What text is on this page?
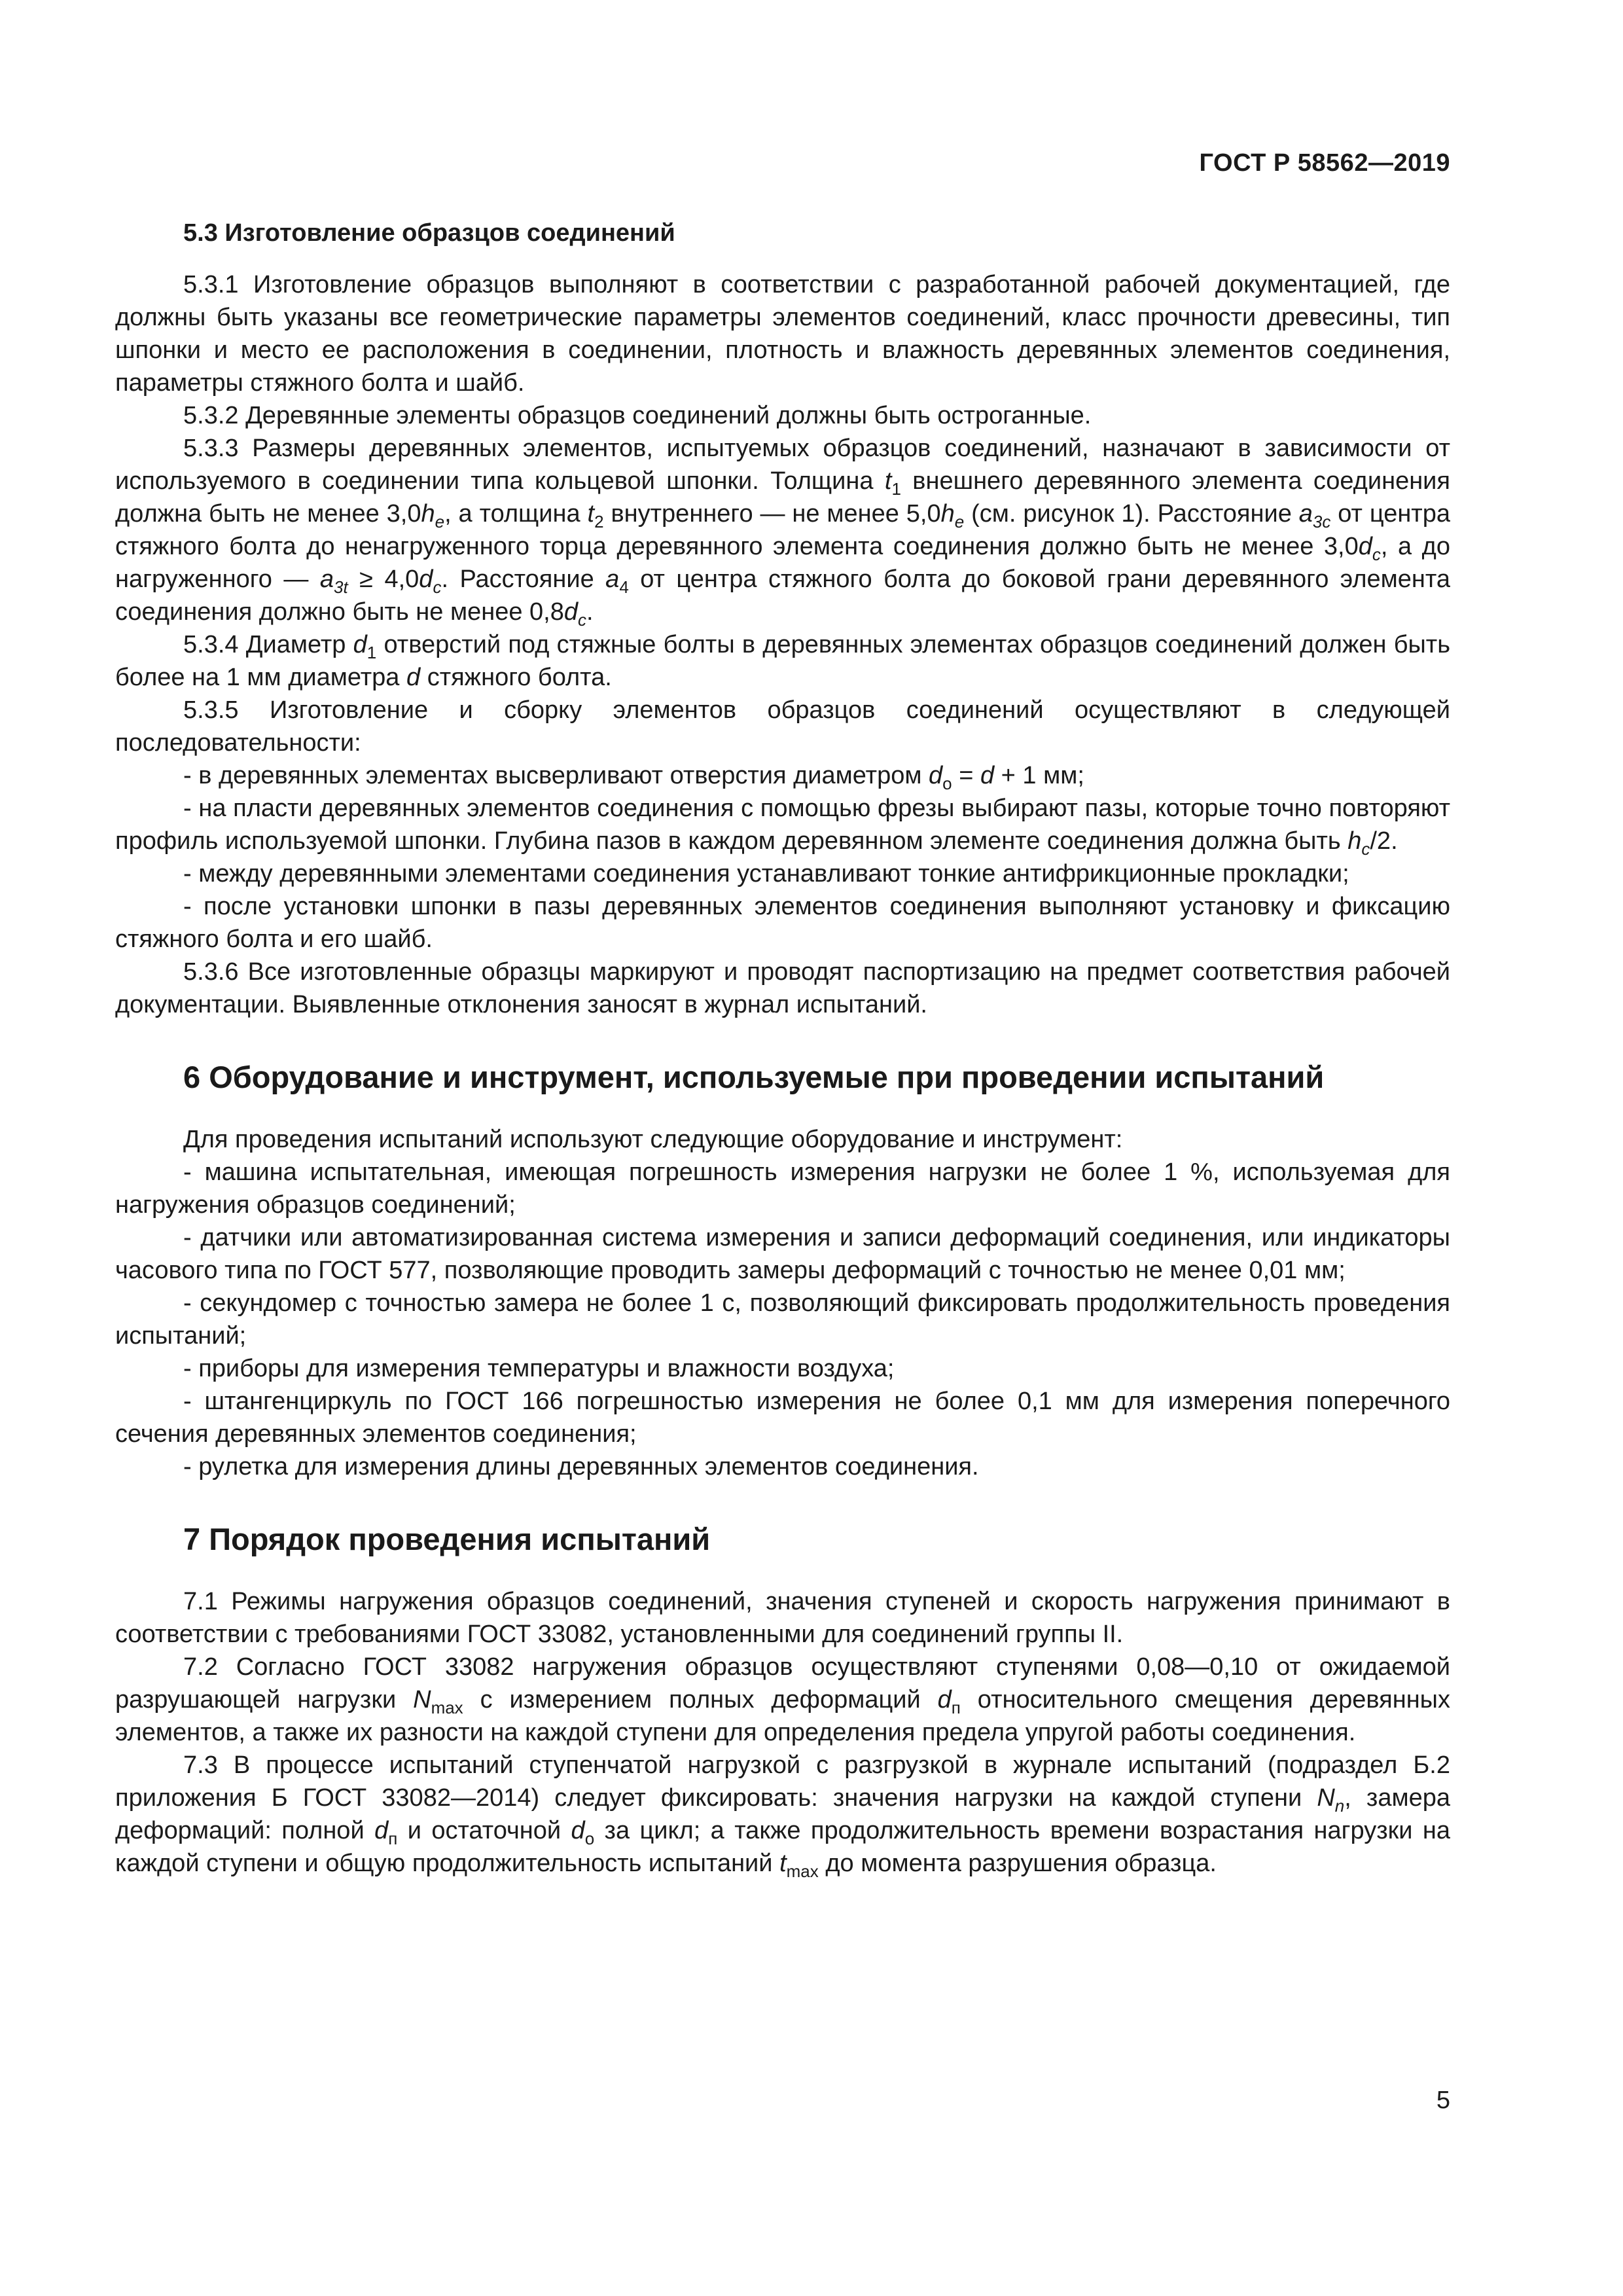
ГОСТ Р 58562—2019
5.3 Изготовление образцов соединений

5.3.1 Изготовление образцов выполняют в соответствии с разработанной рабочей документацией, где должны быть указаны все геометрические параметры элементов соединений, класс прочности древесины, тип шпонки и место ее расположения в соединении, плотность и влажность деревянных элементов соединения, параметры стяжного болта и шайб.

5.3.2 Деревянные элементы образцов соединений должны быть острoганные.

5.3.3 Размеры деревянных элементов, испытуемых образцов соединений, назначают в зависимости от используемого в соединении типа кольцевой шпонки. Толщина $t_1$ внешнего деревянного элемента соединения должна быть не менее $3,0h_e$, а толщина $t_2$ внутреннего — не менее $5,0h_e$ (см. рисунок 1). Расстояние $a_{3c}$ от центра стяжного болта до ненагруженного торца деревянного элемента соединения должно быть не менее $3,0d_c$, а до нагруженного — $a_{3t} \ge 4,0d_c$. Расстояние $a_4$ от центра стяжного болта до боковой грани деревянного элемента соединения должно быть не менее $0,8d_c$.

5.3.4 Диаметр $d_1$ отверстий под стяжные болты в деревянных элементах образцов соединений должен быть более на 1 мм диаметра d стяжного болта.

5.3.5 Изготовление и сборку элементов образцов соединений осуществляют в следующей последовательности:

- в деревянных элементах высверливают отверстия диаметром $d_о = d + 1$ мм;

- на пласти деревянных элементов соединения с помощью фрезы выбирают пазы, которые точно повторяют профиль используемой шпонки. Глубина пазов в каждом деревянном элементе соединения должна быть $h_c/2$.

- между деревянными элементами соединения устанавливают тонкие антифрикционные прокладки;

- после установки шпонки в пазы деревянных элементов соединения выполняют установку и фиксацию стяжного болта и его шайб.

5.3.6 Все изготовленные образцы маркируют и проводят паспортизацию на предмет соответствия рабочей документации. Выявленные отклонения заносят в журнал испытаний.

6 Оборудование и инструмент, используемые при проведении испытаний

Для проведения испытаний используют следующие оборудование и инструмент:

- машина испытательная, имеющая погрешность измерения нагрузки не более 1 %, используемая для нагружения образцов соединений;

- датчики или автоматизированная система измерения и записи деформаций соединения, или индикаторы часового типа по ГОСТ 577, позволяющие проводить замеры деформаций с точностью не менее 0,01 мм;

- секундомер с точностью замера не более 1 с, позволяющий фиксировать продолжительность проведения испытаний;

- приборы для измерения температуры и влажности воздуха;

- штангенциркуль по ГОСТ 166 погрешностью измерения не более 0,1 мм для измерения поперечного сечения деревянных элементов соединения;

- рулетка для измерения длины деревянных элементов соединения.

7 Порядок проведения испытаний

7.1 Режимы нагружения образцов соединений, значения ступеней и скорость нагружения принимают в соответствии с требованиями ГОСТ 33082, установленными для соединений группы II.

7.2 Согласно ГОСТ 33082 нагружения образцов осуществляют ступенями 0,08—0,10 от ожидаемой разрушающей нагрузки $N_{max}$ с измерением полных деформаций $d_п$ относительного смещения деревянных элементов, а также их разности на каждой ступени для определения предела упругой работы соединения.

7.3 В процессе испытаний ступенчатой нагрузкой с разгрузкой в журнале испытаний (подраздел Б.2 приложения Б ГОСТ 33082—2014) следует фиксировать: значения нагрузки на каждой ступени $N_n$, замера деформаций: полной $d_п$ и остаточной $d_о$ за цикл; а также продолжительность времени возрастания нагрузки на каждой ступени и общую продолжительность испытаний $t_{max}$ до момента разрушения образца.

5
